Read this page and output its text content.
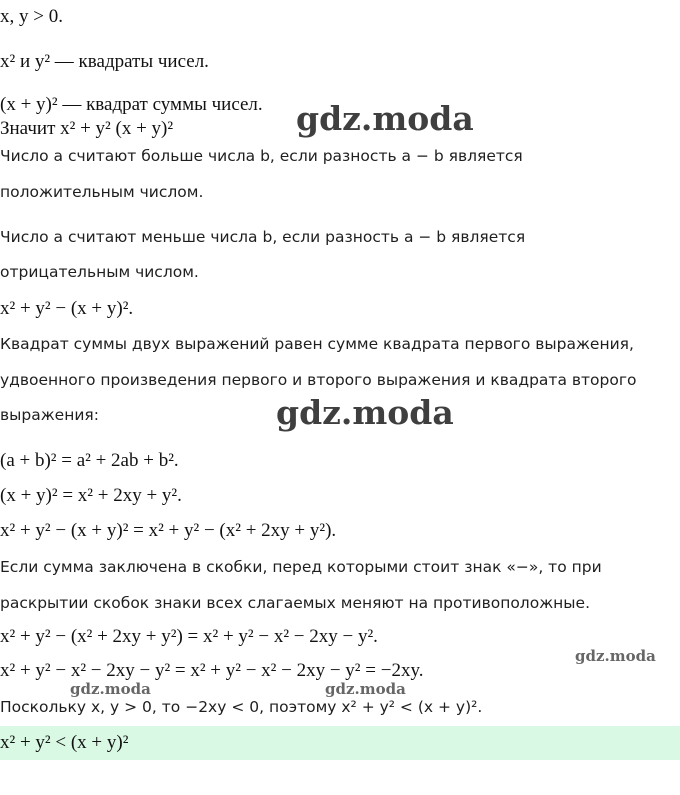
x, y > 0.
x² и y² — квадраты чисел.
(x + y)² — квадрат суммы чисел.
Значит x² + y² (x + y)²
Число a считают больше числа b, если разность a − b является
положительным числом.
Число a считают меньше числа b, если разность a − b является
отрицательным числом.
x² + y² − (x + y)².
Квадрат суммы двух выражений равен сумме квадрата первого выражения,
удвоенного произведения первого и второго выражения и квадрата второго
выражения:
(a + b)² = a² + 2ab + b².
(x + y)² = x² + 2xy + y².
x² + y² − (x + y)² = x² + y² − (x² + 2xy + y²).
Если сумма заключена в скобки, перед которыми стоит знак «−», то при
раскрытии скобок знаки всех слагаемых меняют на противоположные.
x² + y² − (x² + 2xy + y²) = x² + y² − x² − 2xy − y².
x² + y² − x² − 2xy − y² = x² + y² − x² − 2xy − y² = −2xy.
Поскольку x, y > 0, то −2xy < 0, поэтому x² + y² < (x + y)².
x² + y² < (x + y)²
gdz.moda
gdz.moda
gdz.moda
gdz.moda	gdz.moda
